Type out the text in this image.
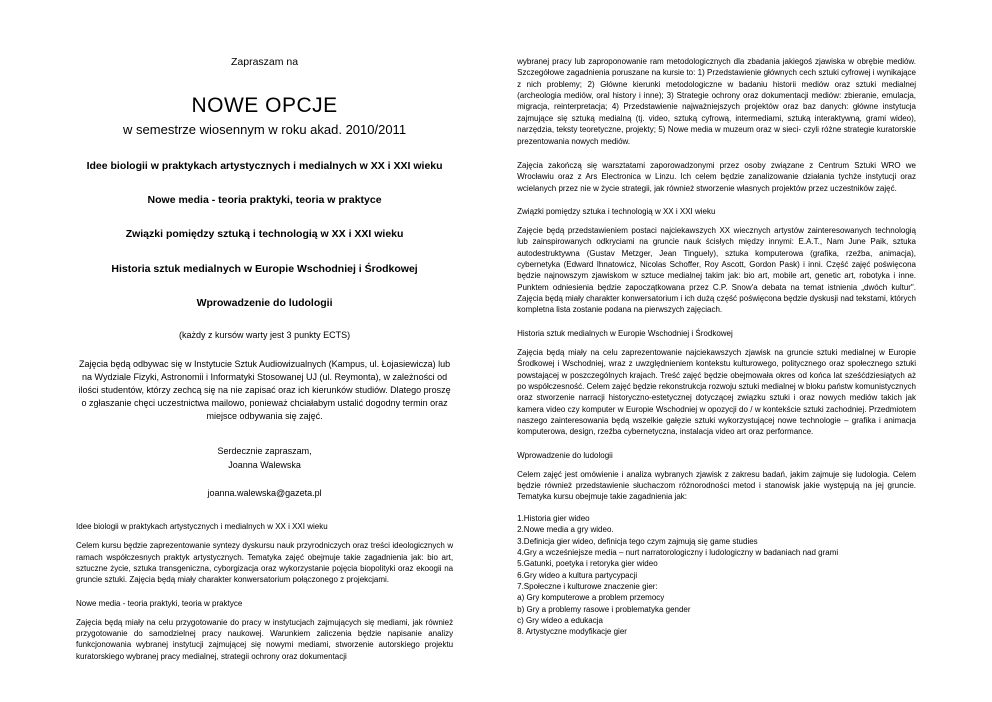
Zapraszam na
NOWE OPCJE
w semestrze wiosennym w roku akad. 2010/2011
Idee biologii w praktykach artystycznych i medialnych w XX i XXI wieku
Nowe media - teoria praktyki, teoria w praktyce
Związki pomiędzy sztuką i technologią w XX i XXI wieku
Historia sztuk medialnych w Europie Wschodniej i Środkowej
Wprowadzenie do ludologii
(każdy z kursów warty jest 3 punkty ECTS)
Zajęcia będą odbywac się w Instytucie Sztuk Audiowizualnych (Kampus, ul. Łojasiewicza) lub na Wydziale Fizyki, Astronomii i Informatyki Stosowanej UJ (ul. Reymonta), w zależności od ilości studentów, którzy zechcą się na nie zapisać oraz ich kierunków studiów. Dlatego proszę o zgłaszanie chęci uczestnictwa mailowo, ponieważ chciałabym ustalić dogodny termin oraz miejsce odbywania się zajęć.
Serdecznie zapraszam,
Joanna Walewska
joanna.walewska@gazeta.pl
Idee biologii w praktykach artystycznych i medialnych w XX i XXI wieku
Celem kursu będzie zaprezentowanie syntezy dyskursu nauk przyrodniczych oraz treści ideologicznych w ramach współczesnych praktyk artystycznych. Tematyka zajęć obejmuje takie zagadnienia jak: bio art, sztuczne życie, sztuka transgeniczna, cyborgizacja oraz wykorzystanie pojęcia biopolityki oraz ekoogii na gruncie sztuki. Zajęcia będą miały charakter konwersatorium połączonego z projekcjami.
Nowe media - teoria praktyki, teoria w praktyce
Zajęcia będą miały na celu przygotowanie do pracy w instytucjach zajmujących się mediami, jak również przygotowanie do samodzielnej pracy naukowej. Warunkiem zaliczenia będzie napisanie analizy funkcjonowania wybranej instytucji zajmującej się nowymi mediami, stworzenie autorskiego projektu kuratorskiego wybranej pracy medialnej, strategii ochrony oraz dokumentacji
wybranej pracy lub zaproponowanie ram metodologicznych dla zbadania jakiegoś zjawiska w obrębie mediów. Szczegółowe zagadnienia poruszane na kursie to: 1) Przedstawienie głównych cech sztuki cyfrowej i wynikające z nich problemy; 2) Główne kierunki metodologiczne w badaniu historii mediów oraz sztuki medialnej (archeologia mediów, oral history i inne); 3) Strategie ochrony oraz dokumentacji mediów: zbieranie, emulacja, migracja, reinterpretacja; 4) Przedstawienie najważniejszych projektów oraz baz danych: główne instytucja zajmujące się sztuką medialną (tj. video, sztuką cyfrową, intermediami, sztuką interaktywną, grami wideo), narzędzia, teksty teoretyczne, projekty; 5) Nowe media w muzeum oraz w sieci- czyli różne strategie kuratorskie prezentowania nowych mediów.
Zajęcia zakończą się warsztatami zaporowadzonymi przez osoby związane z Centrum Sztuki WRO we Wrocławiu oraz z Ars Electronica w Linzu. Ich celem będzie zanalizowanie działania tychże instytucji oraz wcielanych przez nie w życie strategii, jak również stworzenie własnych projektów przez uczestników zajęć.
Związki pomiędzy sztuka i technologią w XX i XXI wieku
Zajęcie będą przedstawieniem postaci najciekawszych XX wiecznych artystów zainteresowanych technologią lub zainspirowanych odkryciami na gruncie nauk ścisłych między innymi: E.A.T., Nam June Paik, sztuka autodestruktywna (Gustav Metzger, Jean Tinguely), sztuka komputerowa (grafika, rzeźba, animacja), cybernetyka (Edward Ihnatowicz, Nicolas Schoffer, Roy Ascott, Gordon Pask) i inni. Część zajęć poświęcona będzie najnowszym zjawiskom w sztuce medialnej takim jak: bio art, mobile art, genetic art, robotyka i inne. Punktem odniesienia będzie zapoczątkowana przez C.P. Snow'a debata na temat istnienia „dwóch kultur". Zajęcia będą miały charakter konwersatorium i ich dużą część poświęcona będzie dyskusji nad tekstami, których kompletna lista zostanie podana na pierwszych zajęciach.
Historia sztuk medialnych w Europie Wschodniej i Środkowej
Zajęcia będą miały na celu zaprezentowanie najciekawszych zjawisk na gruncie sztuki medialnej w Europie Środkowej i Wschodniej, wraz z uwzględnieniem kontekstu kulturowego, politycznego oraz społecznego sztuki powstającej w poszczególnych krajach. Treść zajęć będzie obejmowała okres od końca lat sześćdziesiątych aż po współczesność. Celem zajęć będzie rekonstrukcja rozwoju sztuki medialnej w bloku państw komunistycznych oraz stworzenie narracji historyczno-estetycznej dotyczącej związku sztuki i oraz nowych mediów takich jak kamera video czy komputer w Europie Wschodniej w opozycji do / w kontekście sztuki zachodniej. Przedmiotem naszego zainteresowania będą wszelkie gałęzie sztuki wykorzystującej nowe technologie – grafika i animacja komputerowa, design, rzeźba cybernetyczna, instalacja video art oraz performance.
Wprowadzenie do ludologii
Celem zajęć jest omówienie i analiza wybranych zjawisk z zakresu badań, jakim zajmuje się ludologia. Celem będzie również przedstawienie słuchaczom różnorodności metod i stanowisk jakie występują na jej gruncie. Tematyka kursu obejmuje takie zagadnienia jak:
1.Historia gier wideo
2.Nowe media a gry wideo.
3.Definicja gier wideo, definicja tego czym zajmują się game studies
4.Gry a wcześniejsze media – nurt narratorologiczny i ludologiczny w badaniach nad grami
5.Gatunki, poetyka i retoryka gier wideo
6.Gry wideo a kultura partycypacji
7.Społeczne i kulturowe znaczenie gier:
a) Gry komputerowe a problem przemocy
b) Gry a problemy rasowe i problematyka gender
c) Gry wideo a edukacja
8. Artystyczne modyfikacje gier
